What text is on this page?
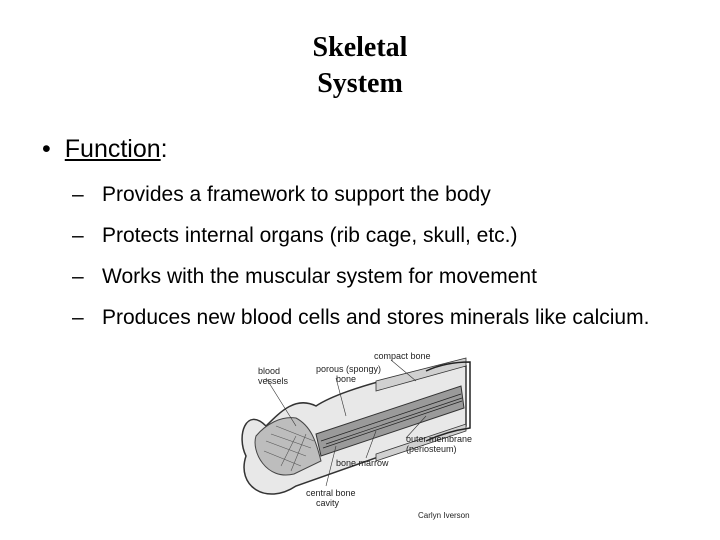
Skeletal
System
• Function:
– Provides a framework to support the body
– Protects internal organs (rib cage, skull, etc.)
– Works with the muscular system for movement
– Produces new blood cells and stores minerals like calcium.
blood
vessels
porous (spongy)
bone
compact bone
outer membrane
(periosteum)
bone marrow
central bone
cavity
Carlyn Iverson
